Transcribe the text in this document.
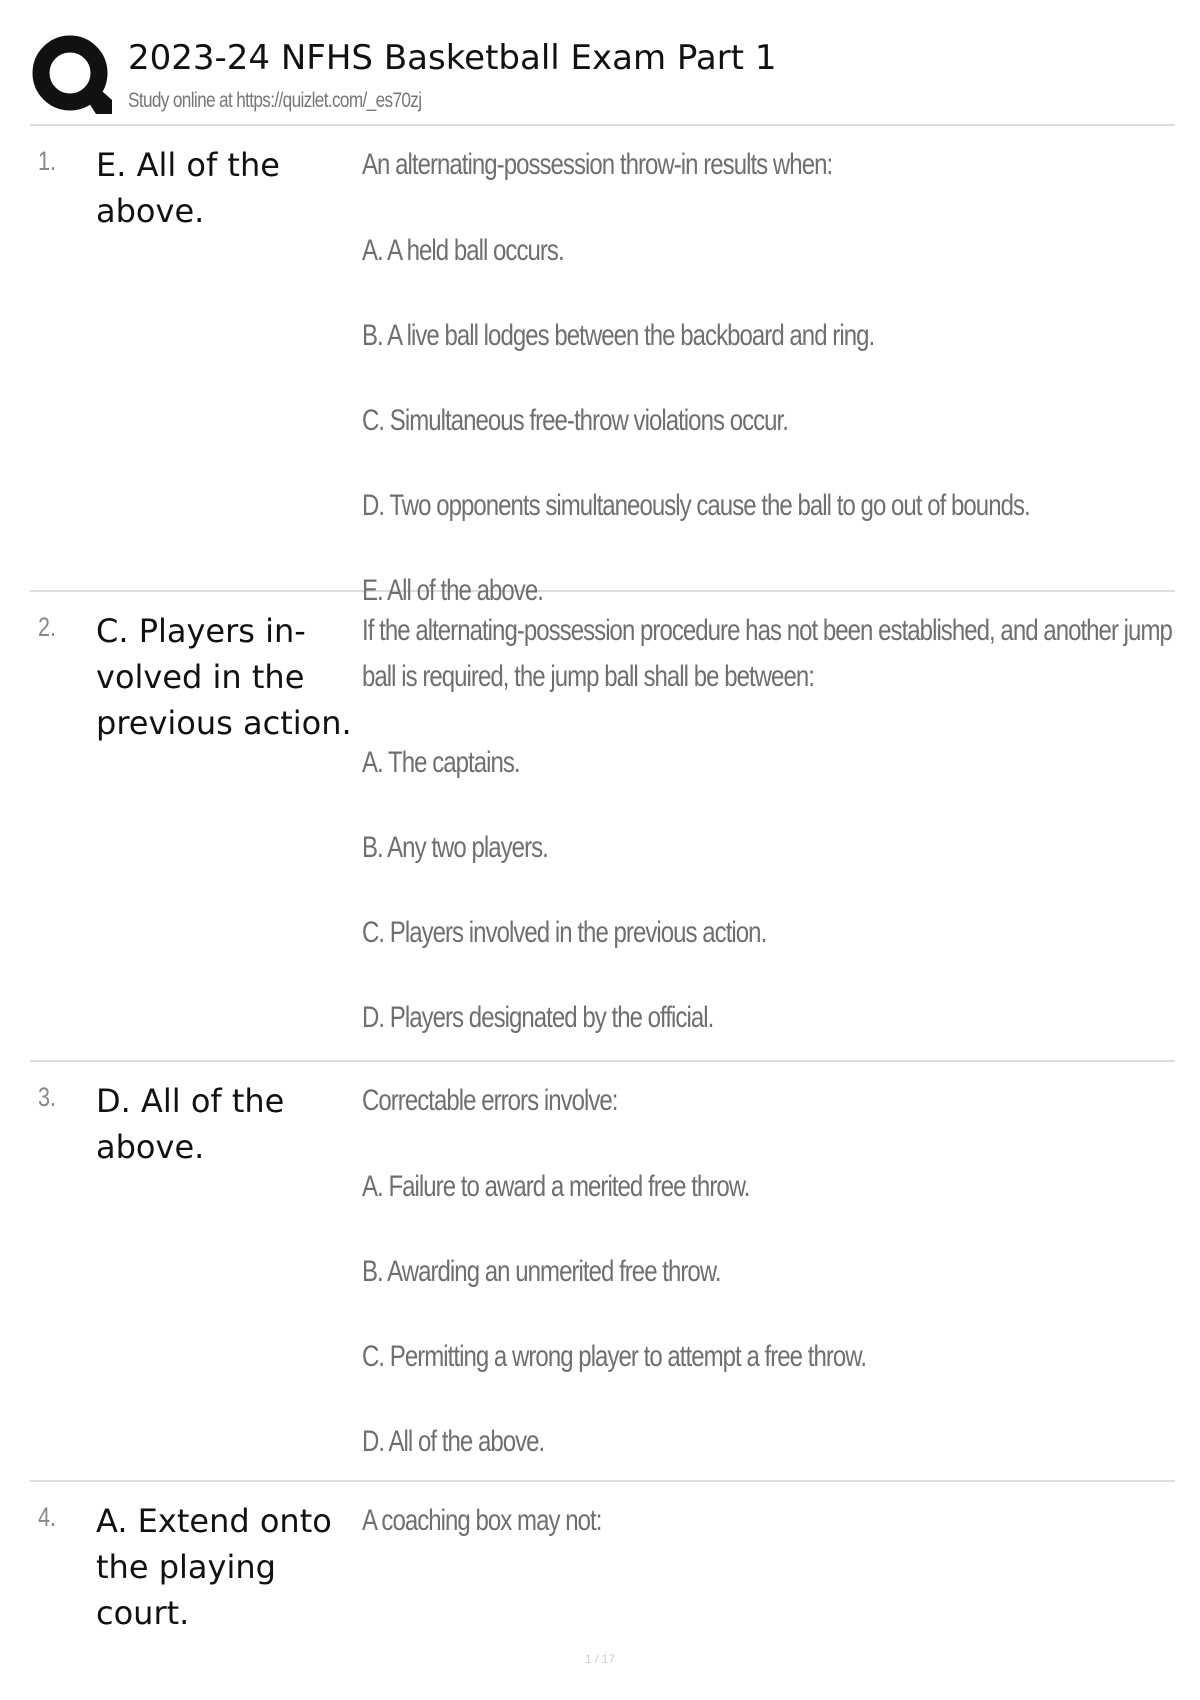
2023-24 NFHS Basketball Exam Part 1
Study online at https://quizlet.com/_es70zj
1. E. All of the above.
An alternating-possession throw-in results when:
A. A held ball occurs.
B. A live ball lodges between the backboard and ring.
C. Simultaneous free-throw violations occur.
D. Two opponents simultaneously cause the ball to go out of bounds.
E. All of the above.
2. C. Players involved in the previous action.
If the alternating-possession procedure has not been established, and another jump ball is required, the jump ball shall be between:
A. The captains.
B. Any two players.
C. Players involved in the previous action.
D. Players designated by the official.
3. D. All of the above.
Correctable errors involve:
A. Failure to award a merited free throw.
B. Awarding an unmerited free throw.
C. Permitting a wrong player to attempt a free throw.
D. All of the above.
4. A. Extend onto the playing court.
A coaching box may not:
1 / 17
